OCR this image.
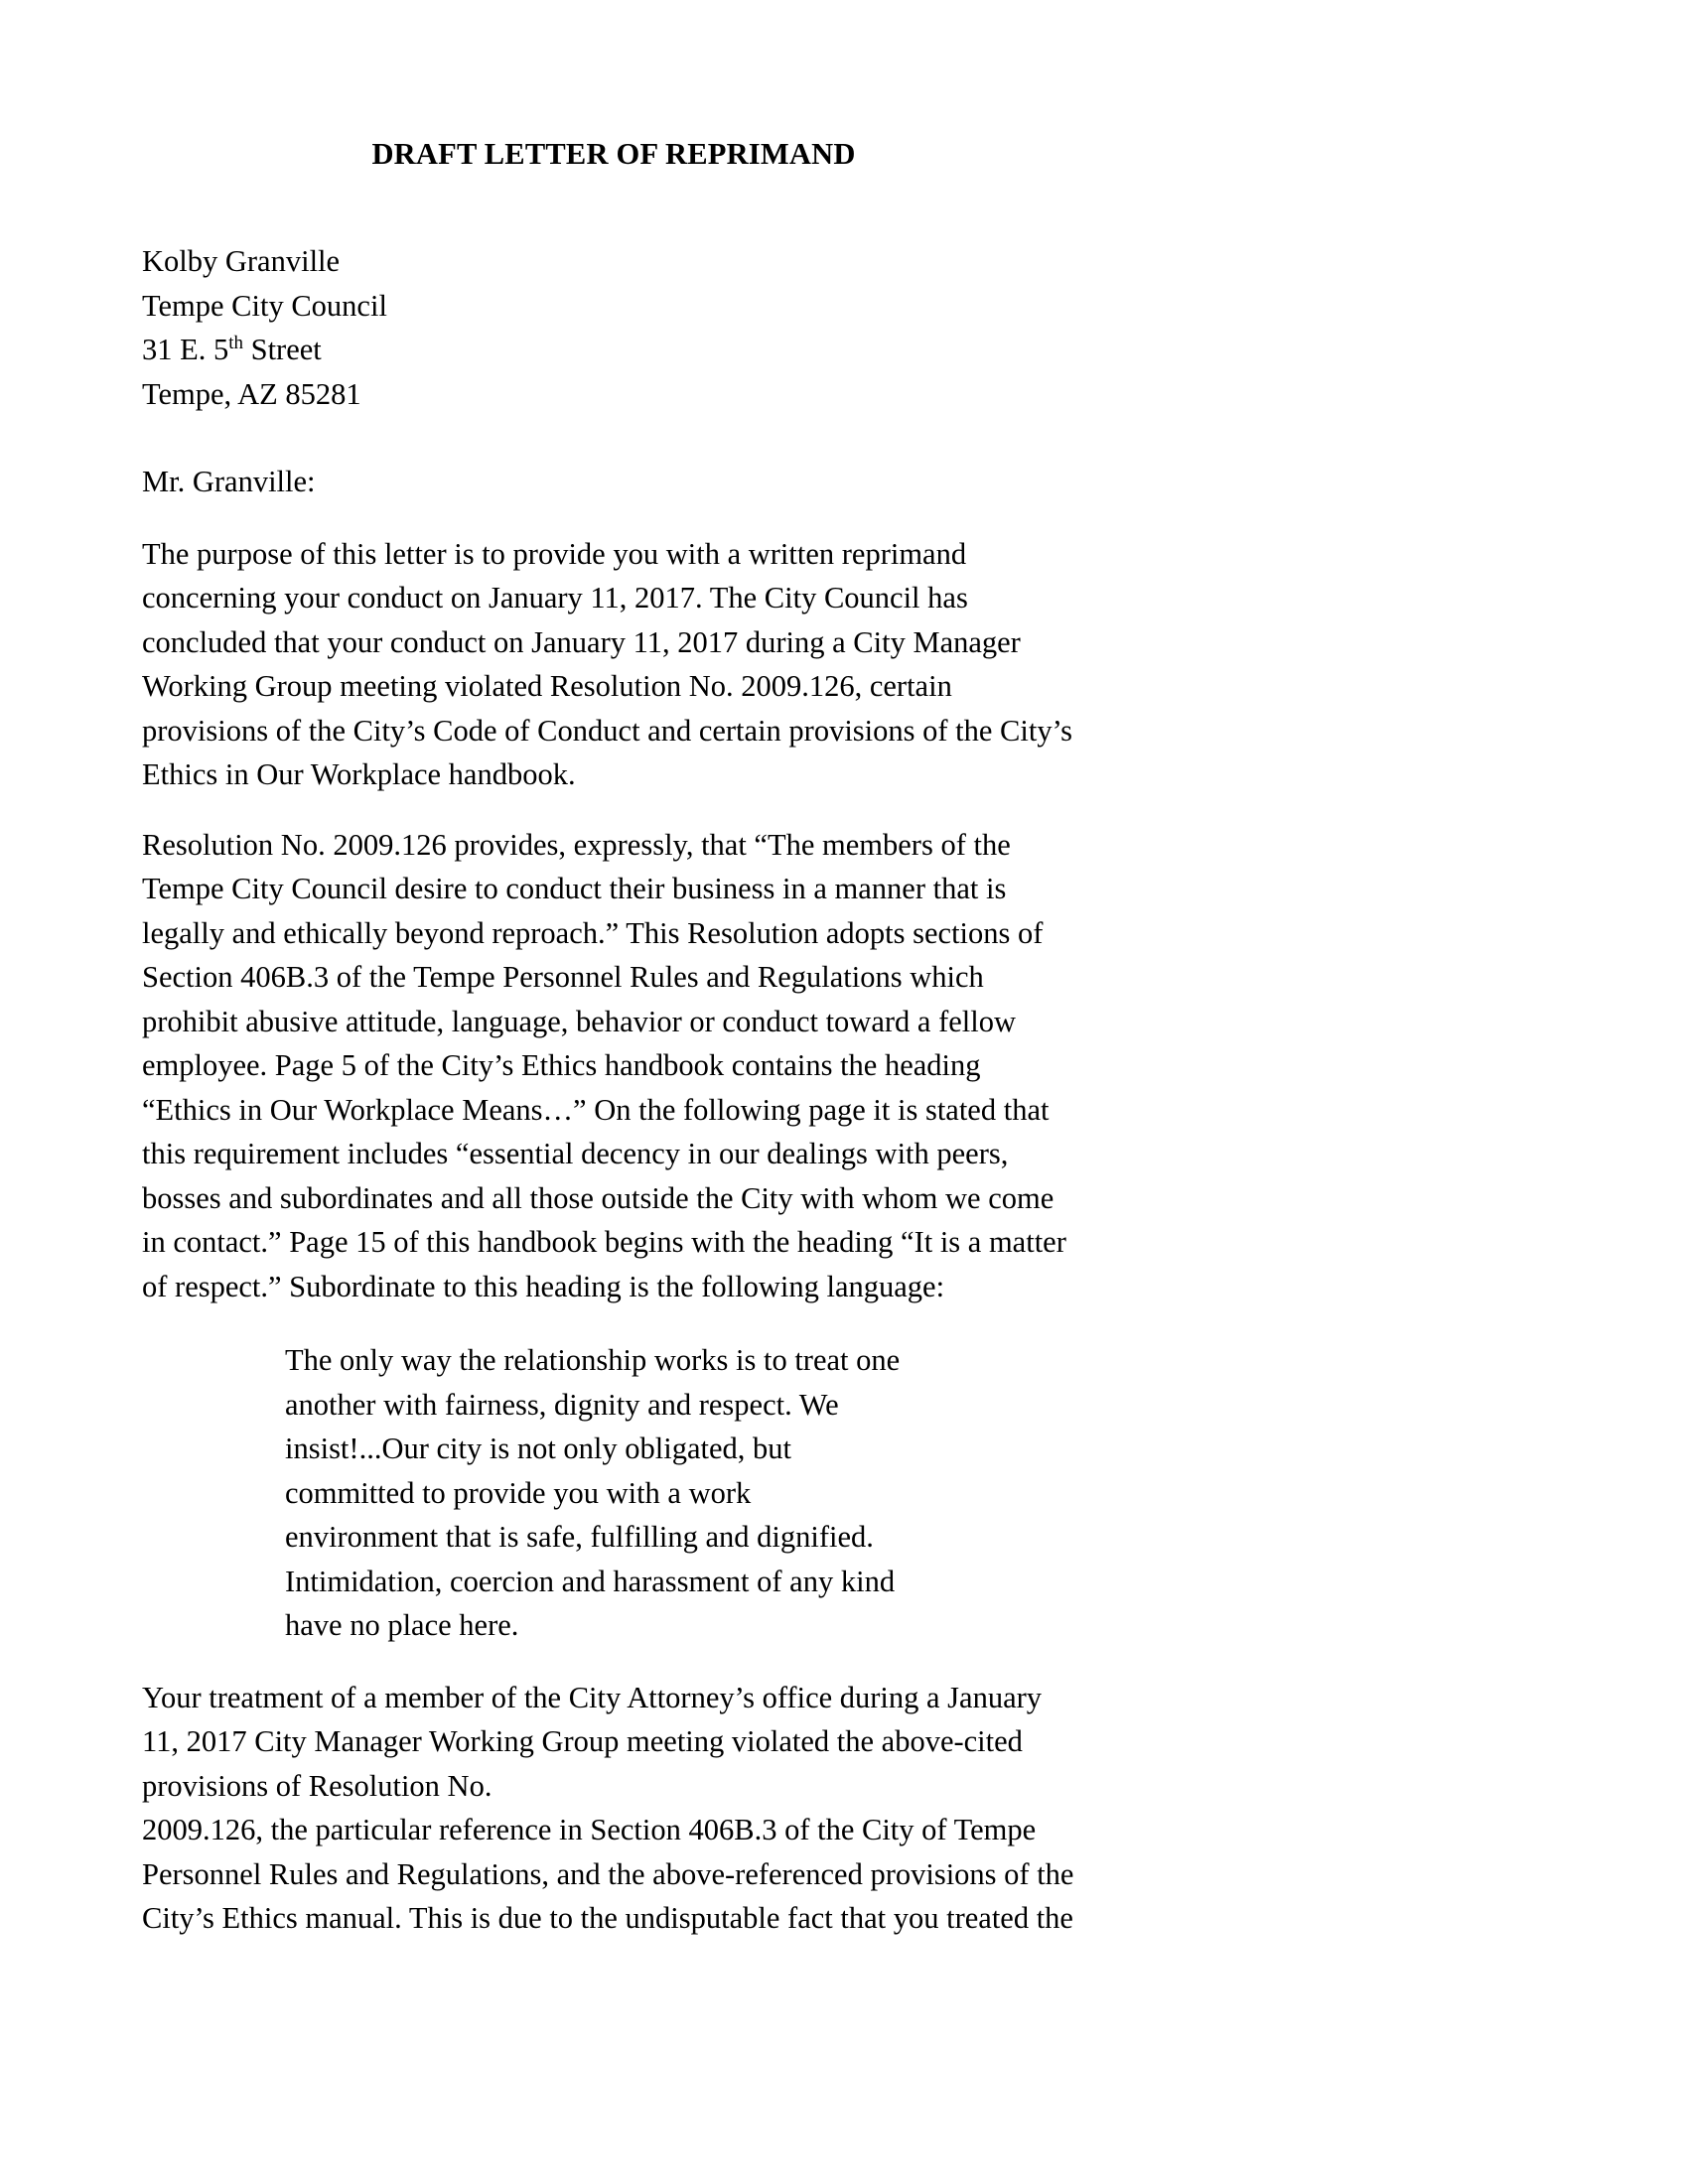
DRAFT LETTER OF REPRIMAND
Kolby Granville
Tempe City Council
31 E. 5th Street
Tempe, AZ 85281
Mr. Granville:

The purpose of this letter is to provide you with a written reprimand concerning your conduct on January 11, 2017. The City Council has concluded that your conduct on January 11, 2017 during a City Manager Working Group meeting violated Resolution No. 2009.126, certain provisions of the City’s Code of Conduct and certain provisions of the City’s Ethics in Our Workplace handbook.

Resolution No. 2009.126 provides, expressly, that “The members of the Tempe City Council desire to conduct their business in a manner that is legally and ethically beyond reproach.” This Resolution adopts sections of Section 406B.3 of the Tempe Personnel Rules and Regulations which prohibit abusive attitude, language, behavior or conduct toward a fellow employee. Page 5 of the City’s Ethics handbook contains the heading “Ethics in Our Workplace Means…” On the following page it is stated that this requirement includes “essential decency in our dealings with peers, bosses and subordinates and all those outside the City with whom we come in contact.” Page 15 of this handbook begins with the heading “It is a matter of respect.” Subordinate to this heading is the following language:

The only way the relationship works is to treat one another with fairness, dignity and respect. We insist!...Our city is not only obligated, but committed to provide you with a work environment that is safe, fulfilling and dignified. Intimidation, coercion and harassment of any kind have no place here.

Your treatment of a member of the City Attorney’s office during a January 11, 2017 City Manager Working Group meeting violated the above-cited provisions of Resolution No.

2009.126, the particular reference in Section 406B.3 of the City of Tempe Personnel Rules and Regulations, and the above-referenced provisions of the City’s Ethics manual. This is due to the undisputable fact that you treated the
